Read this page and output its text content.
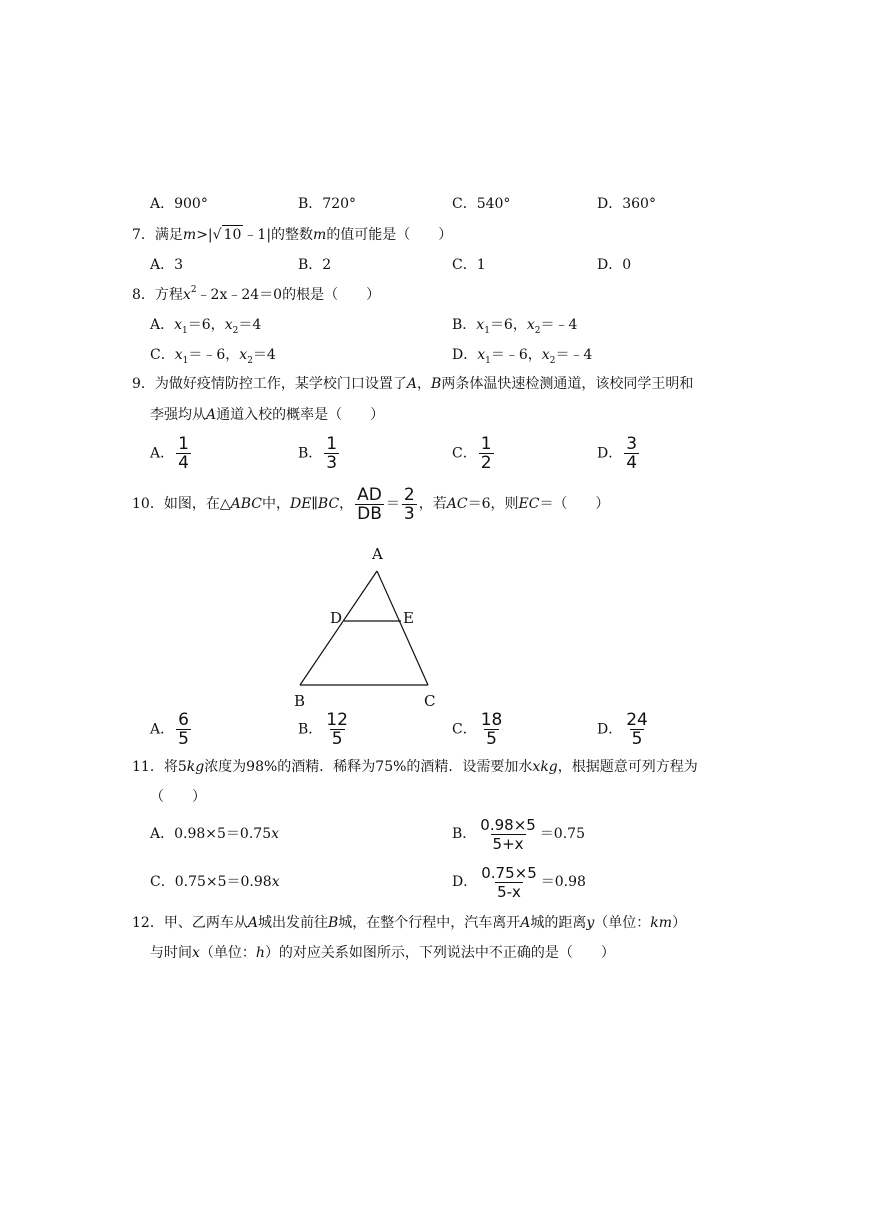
A．900°	B．720°	C．540°	D．360°
7．满足m>|√ 10 ﹣1|的整数m的值可能是（　　）
A．3	B．2	C．1	D．0
8．方程$x^2﹣2x﹣24=0$的根是（　　）
A．$x_1=6$，$x_2=4$	B．$x_1=6$，$x_2=﹣4$
C．$x_1=﹣6$，$x_2=4$	D．$x_1=﹣6$，$x_2=﹣4$
9．为做好疫情防控工作，某学校门口设置了A，B两条体温快速检测通道，该校同学王明和
李强均从A通道入校的概率是（　　）
A． $\frac{1}{4}$	B． $\frac{1}{3}$	C． $\frac{1}{2}$	D． $\frac{3}{4}$
10．如图，在△ABC中，DE∥BC， $\frac{AD}{DB} = \frac{2}{3}$ ，若AC＝6，则EC＝（　　）
A
B	C
D	E
A． $\frac{6}{5}$	B． $\frac{12}{5}$	C． $\frac{18}{5}$	D． $\frac{24}{5}$
11．将5kg浓度为98%的酒精．稀释为75%的酒精．设需要加水xkg，根据题意可列方程为
（　　）
A．0.98×5＝0.75x	B． $\frac{0.98\times 5}{5+x} =0.75$
C．0.75×5＝0.98x	D． $\frac{0.75\times 5}{5-x} =0.98$
12．甲、乙两车从A城出发前往B城，在整个行程中，汽车离开A城的距离y（单位：km）
与时间x（单位：h）的对应关系如图所示，下列说法中不正确的是（　　）
